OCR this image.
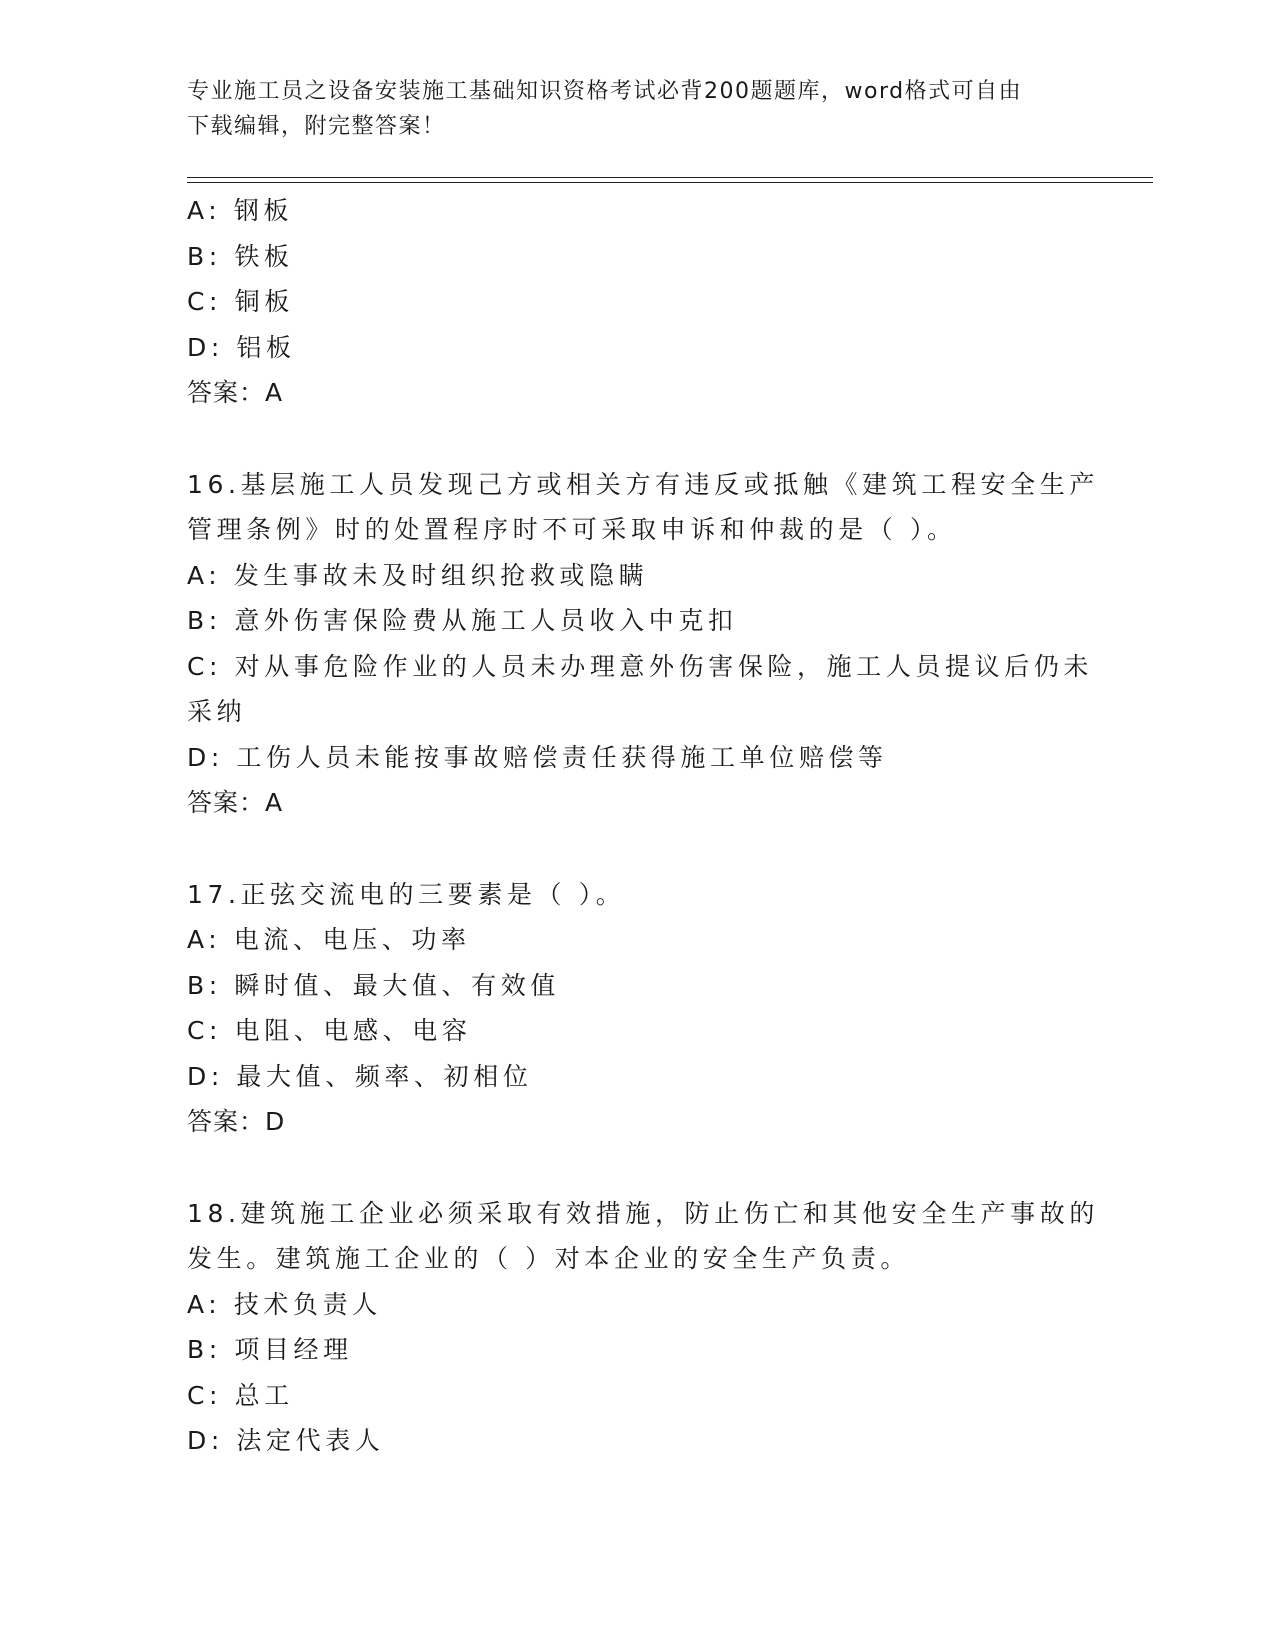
专业施工员之设备安装施工基础知识资格考试必背200题题库，word格式可自由
下载编辑，附完整答案！
A: 钢板
B: 铁板
C: 铜板
D: 铝板
答案：A
16.基层施工人员发现己方或相关方有违反或抵触《建筑工程安全生产
管理条例》时的处置程序时不可采取申诉和仲裁的是（ ）。
A: 发生事故未及时组织抢救或隐瞒
B: 意外伤害保险费从施工人员收入中克扣
C: 对从事危险作业的人员未办理意外伤害保险，施工人员提议后仍未
采纳
D: 工伤人员未能按事故赔偿责任获得施工单位赔偿等
答案：A
17.正弦交流电的三要素是（ ）。
A: 电流、电压、功率
B: 瞬时值、最大值、有效值
C: 电阻、电感、电容
D: 最大值、频率、初相位
答案：D
18.建筑施工企业必须采取有效措施，防止伤亡和其他安全生产事故的
发生。建筑施工企业的（ ）对本企业的安全生产负责。
A: 技术负责人
B: 项目经理
C: 总工
D: 法定代表人
